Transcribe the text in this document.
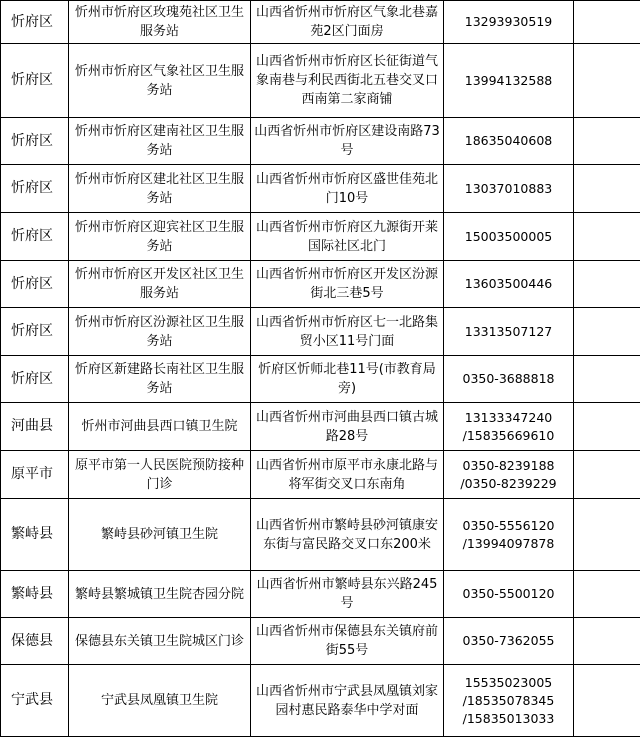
忻府区	忻州市忻府区玫瑰苑社区卫生服务站	山西省忻州市忻府区气象北巷嘉苑2区门面房	13293930519	
忻府区	忻州市忻府区气象社区卫生服务站	山西省忻州市忻府区长征街道气象南巷与利民西街北五巷交叉口西南第二家商铺	13994132588	
忻府区	忻州市忻府区建南社区卫生服务站	山西省忻州市忻府区建设南路73号	18635040608	
忻府区	忻州市忻府区建北社区卫生服务站	山西省忻州市忻府区盛世佳苑北门10号	13037010883	
忻府区	忻州市忻府区迎宾社区卫生服务站	山西省忻州市忻府区九源街开莱国际社区北门	15003500005	
忻府区	忻州市忻府区开发区社区卫生服务站	山西省忻州市忻府区开发区汾源街北三巷5号	13603500446	
忻府区	忻州市忻府区汾源社区卫生服务站	山西省忻州市忻府区七一北路集贸小区11号门面	13313507127	
忻府区	忻府区新建路长南社区卫生服务站	忻府区忻师北巷11号(市教育局旁)	0350-3688818	
河曲县	忻州市河曲县西口镇卫生院	山西省忻州市河曲县西口镇古城路28号	13133347240 /15835669610	
原平市	原平市第一人民医院预防接种门诊	山西省忻州市原平市永康北路与将军街交叉口东南角	0350-8239188 /0350-8239229	
繁峙县	繁峙县砂河镇卫生院	山西省忻州市繁峙县砂河镇康安东街与富民路交叉口东200米	0350-5556120 /13994097878	
繁峙县	繁峙县繁城镇卫生院杏园分院	山西省忻州市繁峙县东兴路245号	0350-5500120	
保德县	保德县东关镇卫生院城区门诊	山西省忻州市保德县东关镇府前街55号	0350-7362055	
宁武县	宁武县凤凰镇卫生院	山西省忻州市宁武县凤凰镇刘家园村惠民路泰华中学对面	15535023005 /18535078345 /15835013033	
